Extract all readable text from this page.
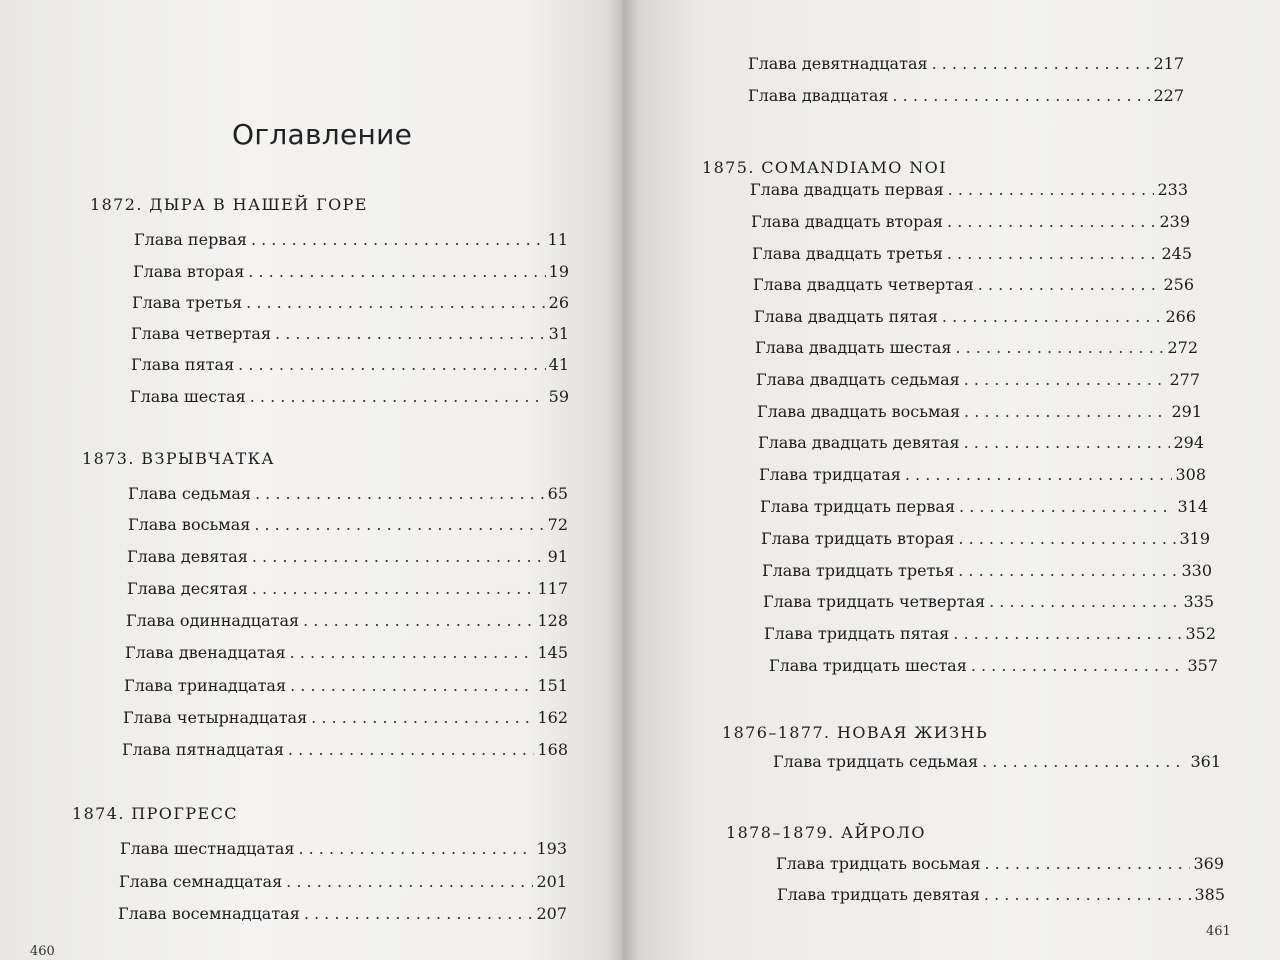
Оглавление
1872. ДЫРА В НАШЕЙ ГОРЕ
Глава первая . . .	11
Глава вторая . . .	19
Глава третья . . .	26
Глава четвертая . . .	31
Глава пятая . . .	41
Глава шестая . . .	59
1873. ВЗРЫВЧАТКА
Глава седьмая . . .	65
Глава восьмая . . .	72
Глава девятая . . .	91
Глава десятая . . .	117
Глава одиннадцатая . . .	128
Глава двенадцатая . . .	145
Глава тринадцатая . . .	151
Глава четырнадцатая . . .	162
Глава пятнадцатая . . .	168
1874. ПРОГРЕСС
Глава шестнадцатая . . .	193
Глава семнадцатая . . .	201
Глава восемнадцатая . . .	207
460
Глава девятнадцатая . . .	217
Глава двадцатая . . .	227
1875. COMANDIAMO NOI
Глава двадцать первая . . .	233
Глава двадцать вторая . . .	239
Глава двадцать третья . . .	245
Глава двадцать четвертая . . .	256
Глава двадцать пятая . . .	266
Глава двадцать шестая . . .	272
Глава двадцать седьмая . . .	277
Глава двадцать восьмая . . .	291
Глава двадцать девятая . . .	294
Глава тридцатая . . .	308
Глава тридцать первая . . .	314
Глава тридцать вторая . . .	319
Глава тридцать третья . . .	330
Глава тридцать четвертая . . .	335
Глава тридцать пятая . . .	352
Глава тридцать шестая . . .	357
1876–1877. НОВАЯ ЖИЗНЬ
Глава тридцать седьмая . . .	361
1878–1879. АЙРОЛО
Глава тридцать восьмая . . .	369
Глава тридцать девятая . . .	385
461
